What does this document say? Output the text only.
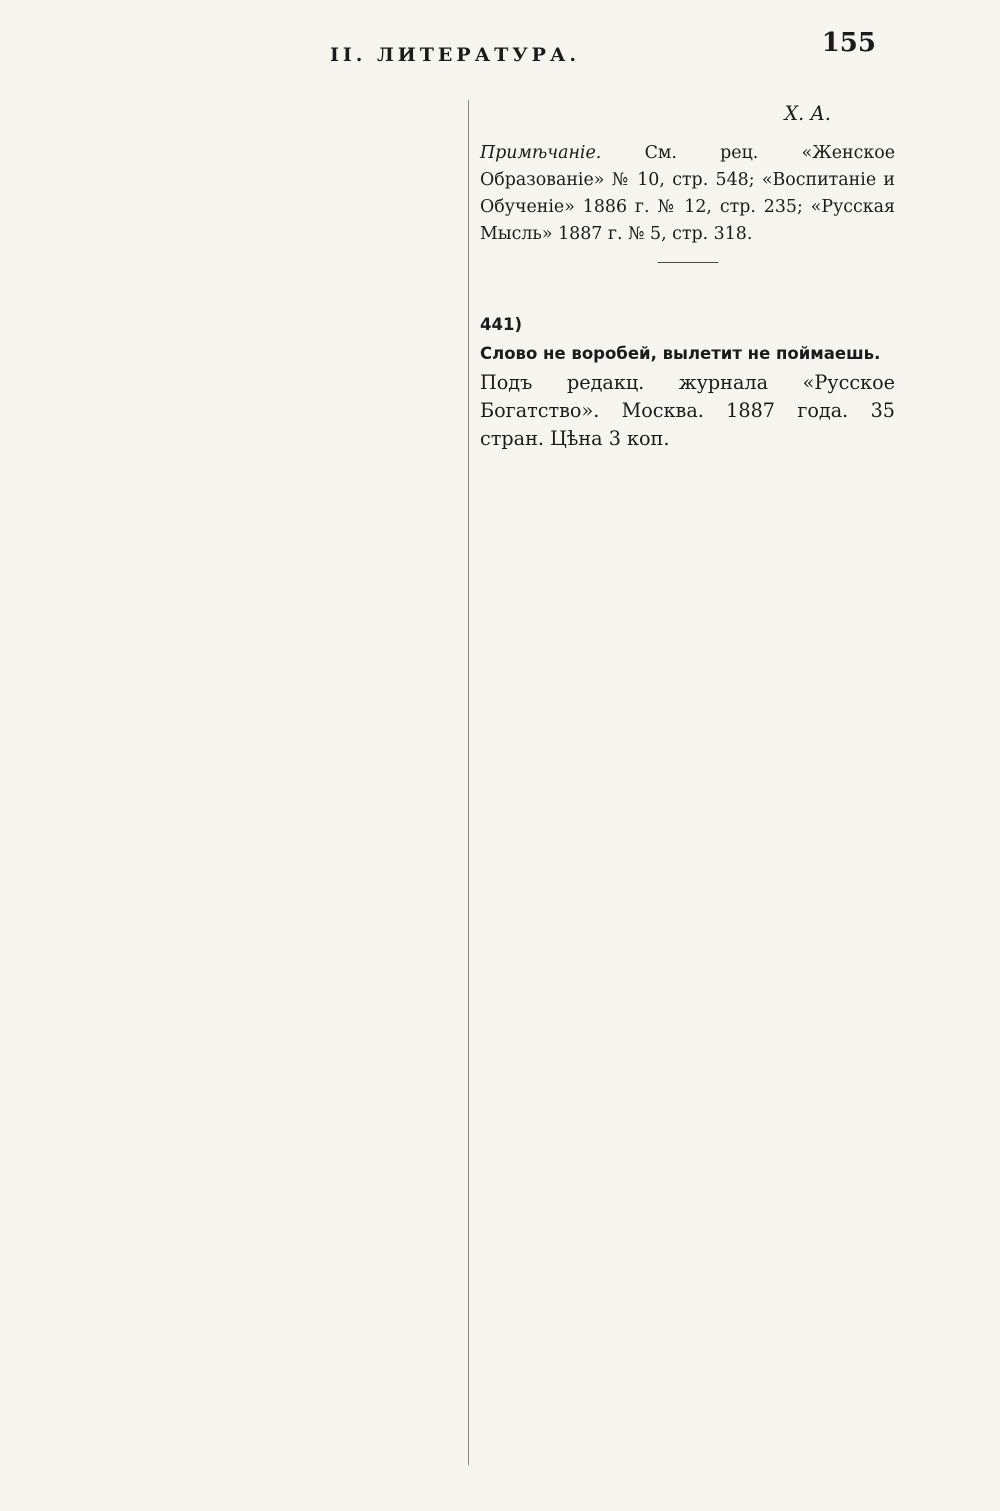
II. ЛИТЕРАТУРА.	155

Х. А.
Примѣчаніе. См. рец. «Женское Образованіе» № 10, стр. 548; «Воспитаніе и Обученіе» 1886 г. № 12, стр. 235; «Русская Мысль» 1887 г. № 5, стр. 318.

441)
Слово не воробей, вылетит не поймаешь.
Подъ редакц. журнала «Русское Богатство». Москва. 1887 года. 35 стран. Цѣна 3 коп.
